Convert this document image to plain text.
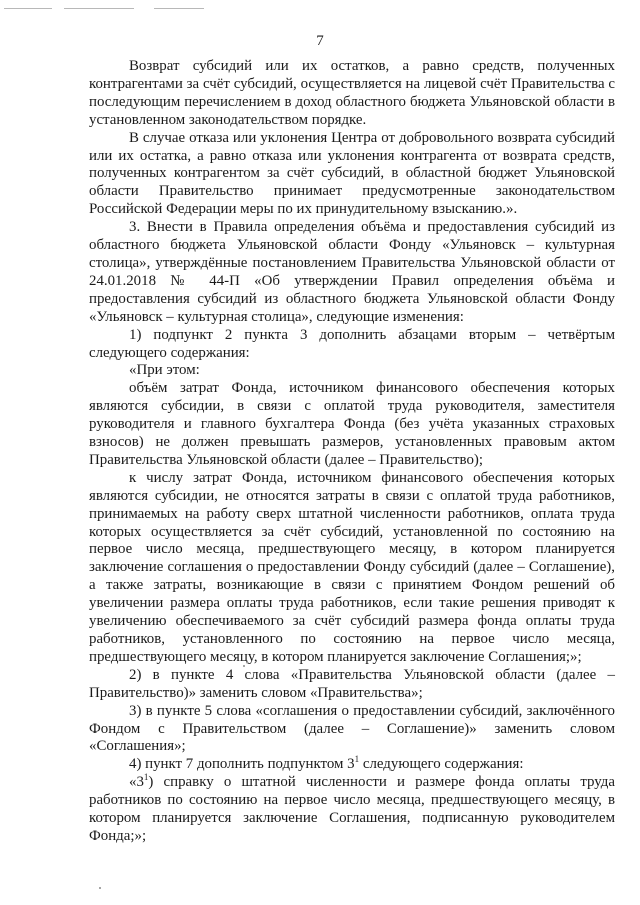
7

Возврат субсидий или их остатков, а равно средств, полученных контрагентами за счёт субсидий, осуществляется на лицевой счёт Правительства с последующим перечислением в доход областного бюджета Ульяновской области в установленном законодательством порядке.

В случае отказа или уклонения Центра от добровольного возврата субсидий или их остатка, а равно отказа или уклонения контрагента от возврата средств, полученных контрагентом за счёт субсидий, в областной бюджет Ульяновской области Правительство принимает предусмотренные законодательством Российской Федерации меры по их принудительному взысканию.».

3. Внести в Правила определения объёма и предоставления субсидий из областного бюджета Ульяновской области Фонду «Ульяновск – культурная столица», утверждённые постановлением Правительства Ульяновской области от 24.01.2018 № 44-П «Об утверждении Правил определения объёма и предоставления субсидий из областного бюджета Ульяновской области Фонду «Ульяновск – культурная столица», следующие изменения:

1) подпункт 2 пункта 3 дополнить абзацами вторым – четвёртым следующего содержания:

«При этом:

объём затрат Фонда, источником финансового обеспечения которых являются субсидии, в связи с оплатой труда руководителя, заместителя руководителя и главного бухгалтера Фонда (без учёта указанных страховых взносов) не должен превышать размеров, установленных правовым актом Правительства Ульяновской области (далее – Правительство);

к числу затрат Фонда, источником финансового обеспечения которых являются субсидии, не относятся затраты в связи с оплатой труда работников, принимаемых на работу сверх штатной численности работников, оплата труда которых осуществляется за счёт субсидий, установленной по состоянию на первое число месяца, предшествующего месяцу, в котором планируется заключение соглашения о предоставлении Фонду субсидий (далее – Соглашение), а также затраты, возникающие в связи с принятием Фондом решений об увеличении размера оплаты труда работников, если такие решения приводят к увеличению обеспечиваемого за счёт субсидий размера фонда оплаты труда работников, установленного по состоянию на первое число месяца, предшествующего месяцу, в котором планируется заключение Соглашения;»;

2) в пункте 4 слова «Правительства Ульяновской области (далее – Правительство)» заменить словом «Правительства»;

3) в пункте 5 слова «соглашения о предоставлении субсидий, заключённого Фондом с Правительством (далее – Соглашение)» заменить словом «Соглашения»;

4) пункт 7 дополнить подпунктом $3^1$ следующего содержания:

«$3^1$) справку о штатной численности и размере фонда оплаты труда работников по состоянию на первое число месяца, предшествующего месяцу, в котором планируется заключение Соглашения, подписанную руководителем Фонда;»;
